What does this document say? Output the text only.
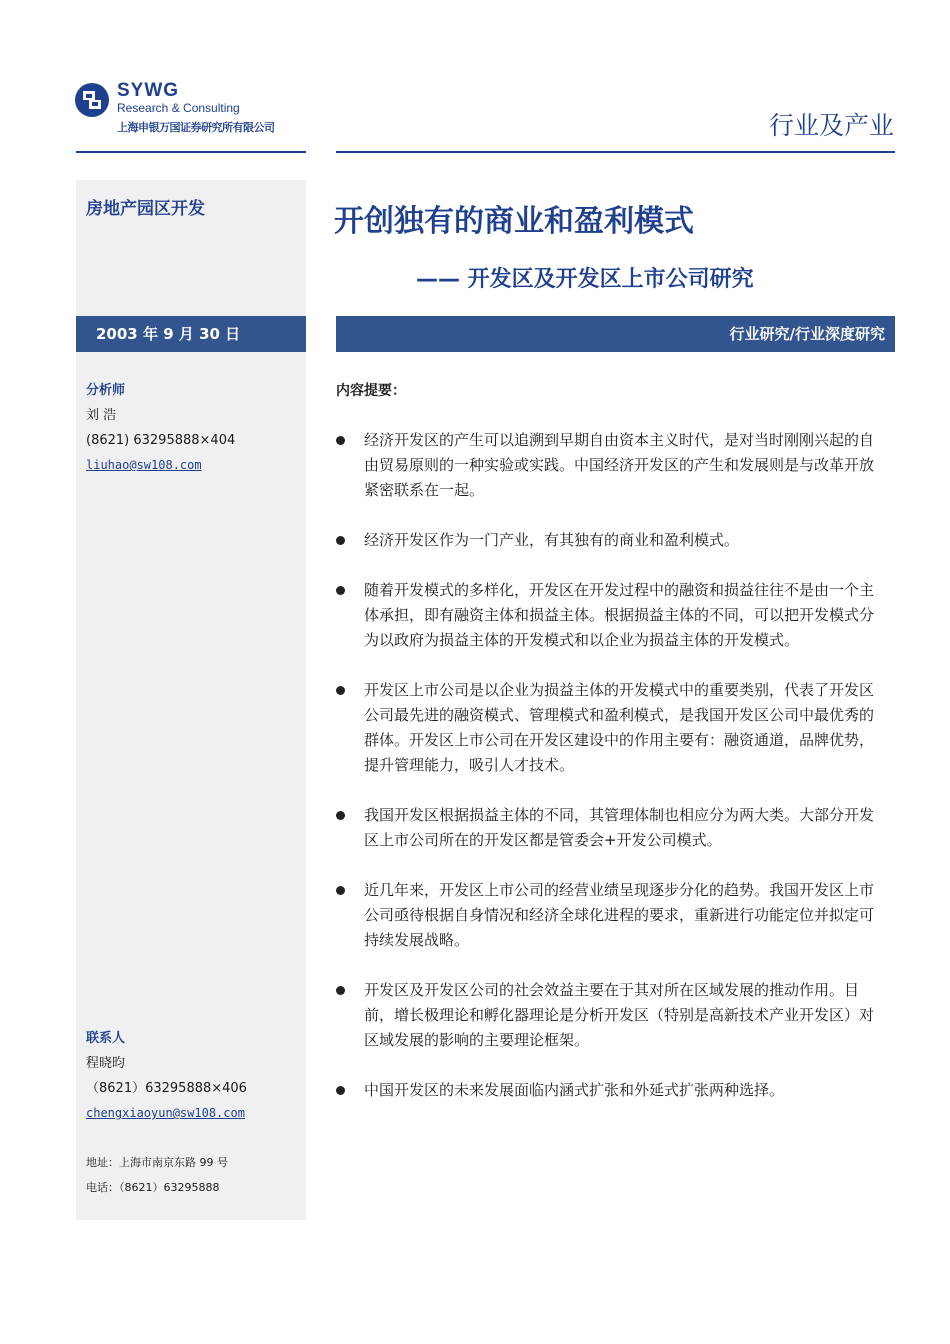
SYWG
Research & Consulting
上海申银万国证券研究所有限公司	行业及产业
房地产园区开发
2003 年 9 月 30 日
分析师
刘 浩
(8621) 63295888×404
liuhao@sw108.com
联系人
程晓昀
（8621）63295888×406
chengxiaoyun@sw108.com
地址：上海市南京东路 99 号
电话：（8621）63295888
开创独有的商业和盈利模式
—— 开发区及开发区上市公司研究
行业研究/行业深度研究
内容提要：
经济开发区的产生可以追溯到早期自由资本主义时代，是对当时刚刚兴起的自由贸易原则的一种实验或实践。中国经济开发区的产生和发展则是与改革开放紧密联系在一起。
经济开发区作为一门产业，有其独有的商业和盈利模式。
随着开发模式的多样化，开发区在开发过程中的融资和损益往往不是由一个主体承担，即有融资主体和损益主体。根据损益主体的不同，可以把开发模式分为以政府为损益主体的开发模式和以企业为损益主体的开发模式。
开发区上市公司是以企业为损益主体的开发模式中的重要类别，代表了开发区公司最先进的融资模式、管理模式和盈利模式，是我国开发区公司中最优秀的群体。开发区上市公司在开发区建设中的作用主要有：融资通道，品牌优势，提升管理能力，吸引人才技术。
我国开发区根据损益主体的不同，其管理体制也相应分为两大类。大部分开发区上市公司所在的开发区都是管委会+开发公司模式。
近几年来，开发区上市公司的经营业绩呈现逐步分化的趋势。我国开发区上市公司亟待根据自身情况和经济全球化进程的要求，重新进行功能定位并拟定可持续发展战略。
开发区及开发区公司的社会效益主要在于其对所在区域发展的推动作用。目前，增长极理论和孵化器理论是分析开发区（特别是高新技术产业开发区）对区域发展的影响的主要理论框架。
中国开发区的未来发展面临内涵式扩张和外延式扩张两种选择。
